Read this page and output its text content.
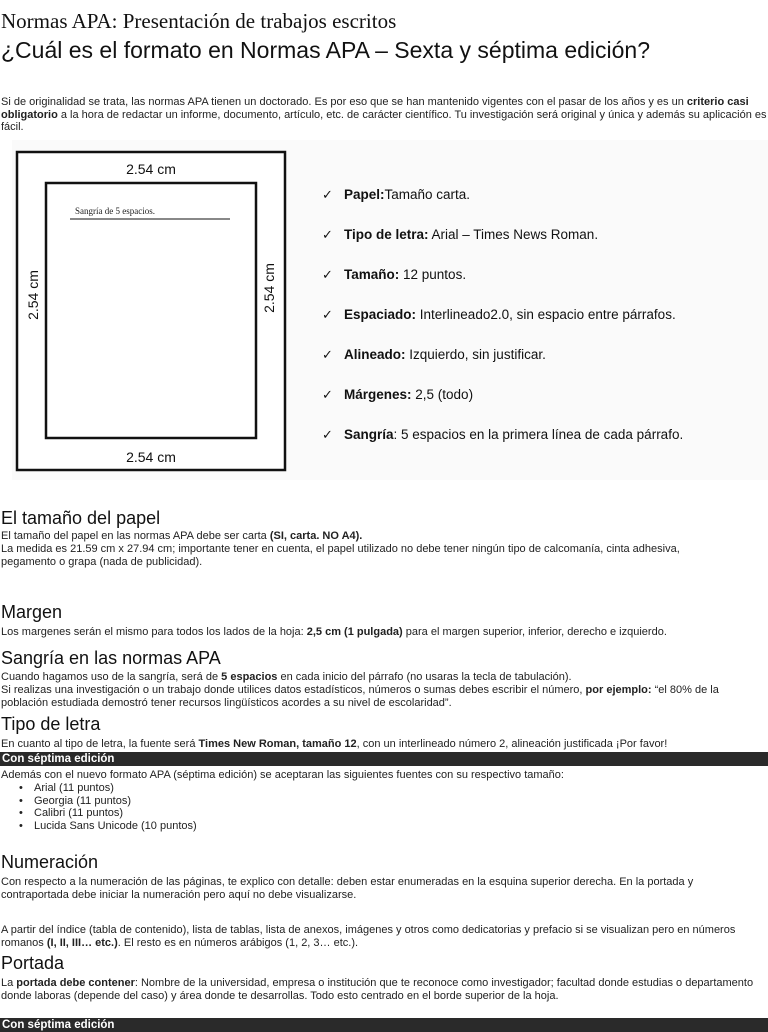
Normas APA: Presentación de trabajos escritos
¿Cuál es el formato en Normas APA – Sexta y séptima edición?

Si de originalidad se trata, las normas APA tienen un doctorado. Es por eso que se han mantenido vigentes con el pasar de los años y es un criterio casi obligatorio a la hora de redactar un informe, documento, artículo, etc. de carácter científico. Tu investigación será original y única y además su aplicación es fácil.

2.54 cm
2.54 cm
2.54 cm	2.54 cm
Sangría de 5 espacios.
✓ Papel:Tamaño carta.
✓ Tipo de letra: Arial – Times News Roman.
✓ Tamaño: 12 puntos.
✓ Espaciado: Interlineado2.0, sin espacio entre párrafos.
✓ Alineado: Izquierdo, sin justificar.
✓ Márgenes: 2,5 (todo)
✓ Sangría: 5 espacios en la primera línea de cada párrafo.
El tamaño del papel

El tamaño del papel en las normas APA debe ser carta (SI, carta. NO A4).

La medida es 21.59 cm x 27.94 cm; importante tener en cuenta, el papel utilizado no debe tener ningún tipo de calcomanía, cinta adhesiva, pegamento o grapa (nada de publicidad).

Margen

Los margenes serán el mismo para todos los lados de la hoja: 2,5 cm (1 pulgada) para el margen superior, inferior, derecho e izquierdo.

Sangría en las normas APA

Cuando hagamos uso de la sangría, será de 5 espacios en cada inicio del párrafo (no usaras la tecla de tabulación).

Si realizas una investigación o un trabajo donde utilices datos estadísticos, números o sumas debes escribir el número, por ejemplo: “el 80% de la población estudiada demostró tener recursos lingüísticos acordes a su nivel de escolaridad”.

Tipo de letra

En cuanto al tipo de letra, la fuente será Times New Roman, tamaño 12, con un interlineado número 2, alineación justificada ¡Por favor!

Con séptima edición

Además con el nuevo formato APA (séptima edición) se aceptaran las siguientes fuentes con su respectivo tamaño:

• Arial (11 puntos)
• Georgia (11 puntos)
• Calibri (11 puntos)
• Lucida Sans Unicode (10 puntos)
Numeración

Con respecto a la numeración de las páginas, te explico con detalle: deben estar enumeradas en la esquina superior derecha. En la portada y contraportada debe iniciar la numeración pero aquí no debe visualizarse.

A partir del índice (tabla de contenido), lista de tablas, lista de anexos, imágenes y otros como dedicatorias y prefacio si se visualizan pero en números romanos (I, II, III… etc.). El resto es en números arábigos (1, 2, 3… etc.).

Portada

La portada debe contener: Nombre de la universidad, empresa o institución que te reconoce como investigador; facultad donde estudias o departamento donde laboras (depende del caso) y área donde te desarrollas. Todo esto centrado en el borde superior de la hoja.

Con séptima edición
